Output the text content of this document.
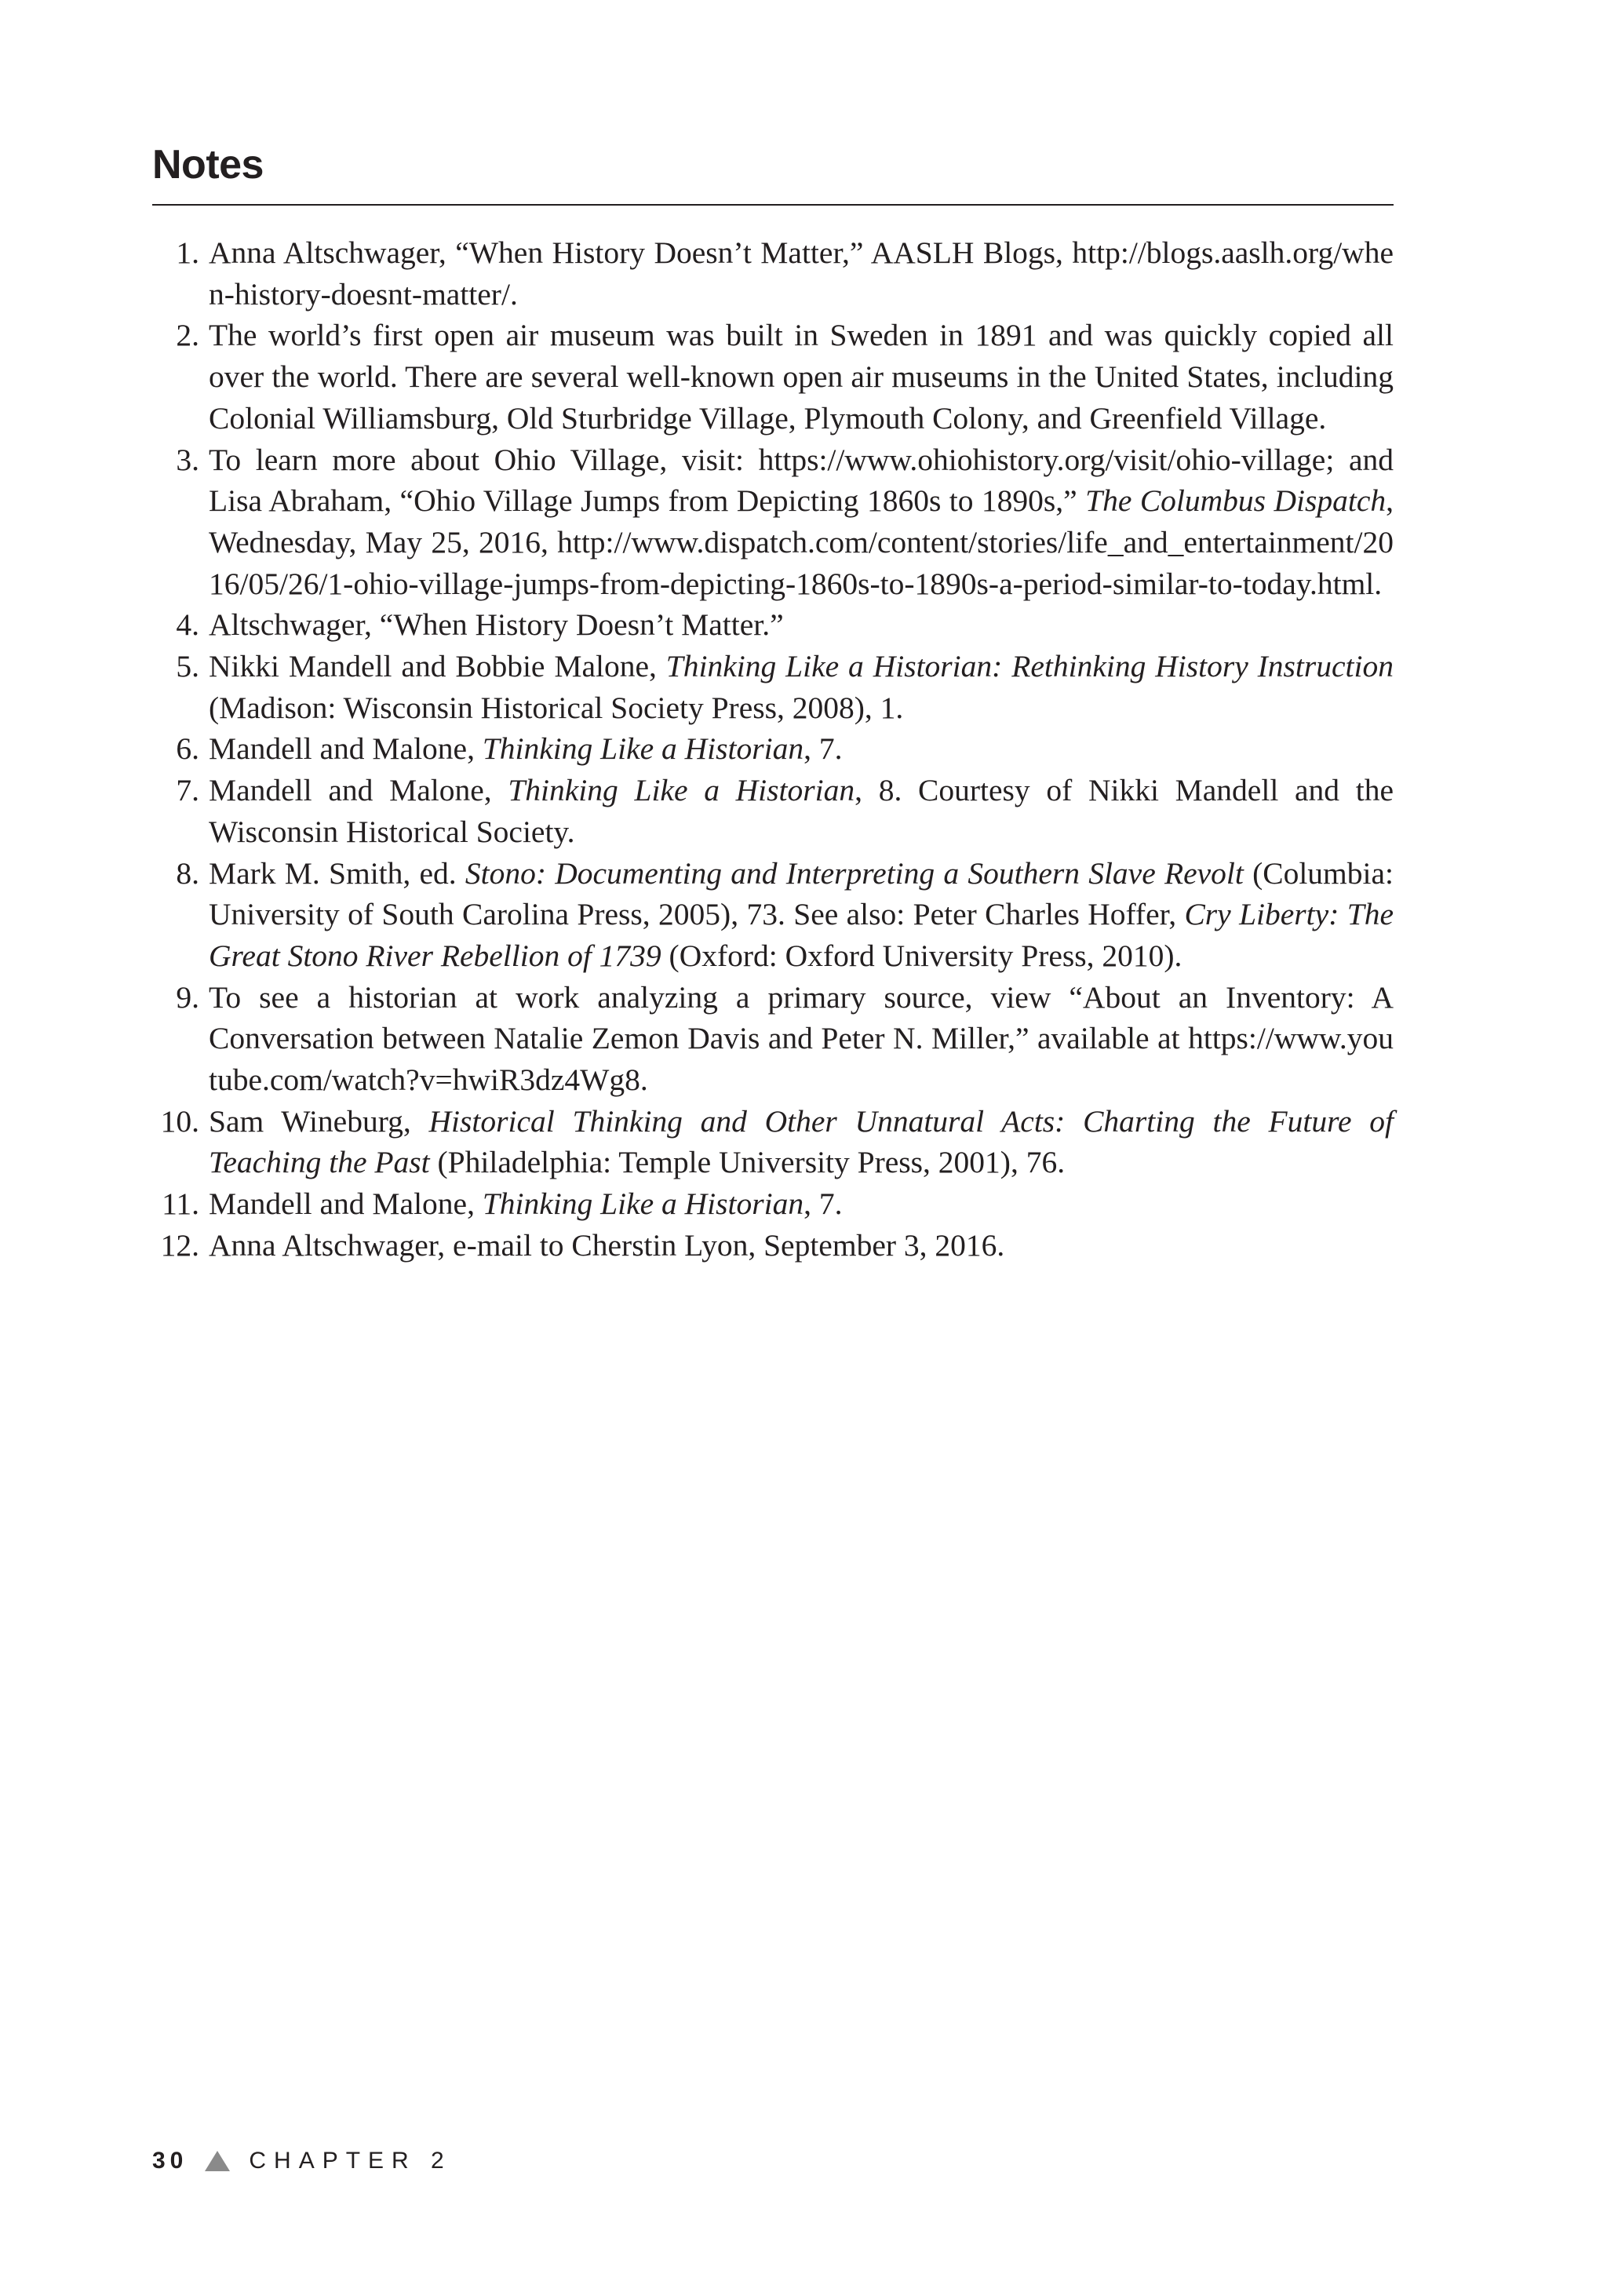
Notes
1. Anna Altschwager, “When History Doesn’t Matter,” AASLH Blogs, http://blogs.aaslh.org/when-history-doesnt-matter/.
2. The world’s first open air museum was built in Sweden in 1891 and was quickly copied all over the world. There are several well-known open air museums in the United States, including Colonial Williamsburg, Old Sturbridge Village, Plymouth Colony, and Greenfield Village.
3. To learn more about Ohio Village, visit: https://www.ohiohistory.org/visit/ohio-village; and Lisa Abraham, “Ohio Village Jumps from Depicting 1860s to 1890s,” The Columbus Dispatch, Wednesday, May 25, 2016, http://www.dispatch.com/content/stories/life_and_entertainment/2016/05/26/1-ohio-village-jumps-from-depicting-1860s-to-1890s-a-period-similar-to-today.html.
4. Altschwager, “When History Doesn’t Matter.”
5. Nikki Mandell and Bobbie Malone, Thinking Like a Historian: Rethinking History Instruction (Madison: Wisconsin Historical Society Press, 2008), 1.
6. Mandell and Malone, Thinking Like a Historian, 7.
7. Mandell and Malone, Thinking Like a Historian, 8. Courtesy of Nikki Mandell and the Wisconsin Historical Society.
8. Mark M. Smith, ed. Stono: Documenting and Interpreting a Southern Slave Revolt (Columbia: University of South Carolina Press, 2005), 73. See also: Peter Charles Hoffer, Cry Liberty: The Great Stono River Rebellion of 1739 (Oxford: Oxford University Press, 2010).
9. To see a historian at work analyzing a primary source, view “About an Inventory: A Conversation between Natalie Zemon Davis and Peter N. Miller,” available at https://www.youtube.com/watch?v=hwiR3dz4Wg8.
10. Sam Wineburg, Historical Thinking and Other Unnatural Acts: Charting the Future of Teaching the Past (Philadelphia: Temple University Press, 2001), 76.
11. Mandell and Malone, Thinking Like a Historian, 7.
12. Anna Altschwager, e-mail to Cherstin Lyon, September 3, 2016.
30	CHAPTER 2
